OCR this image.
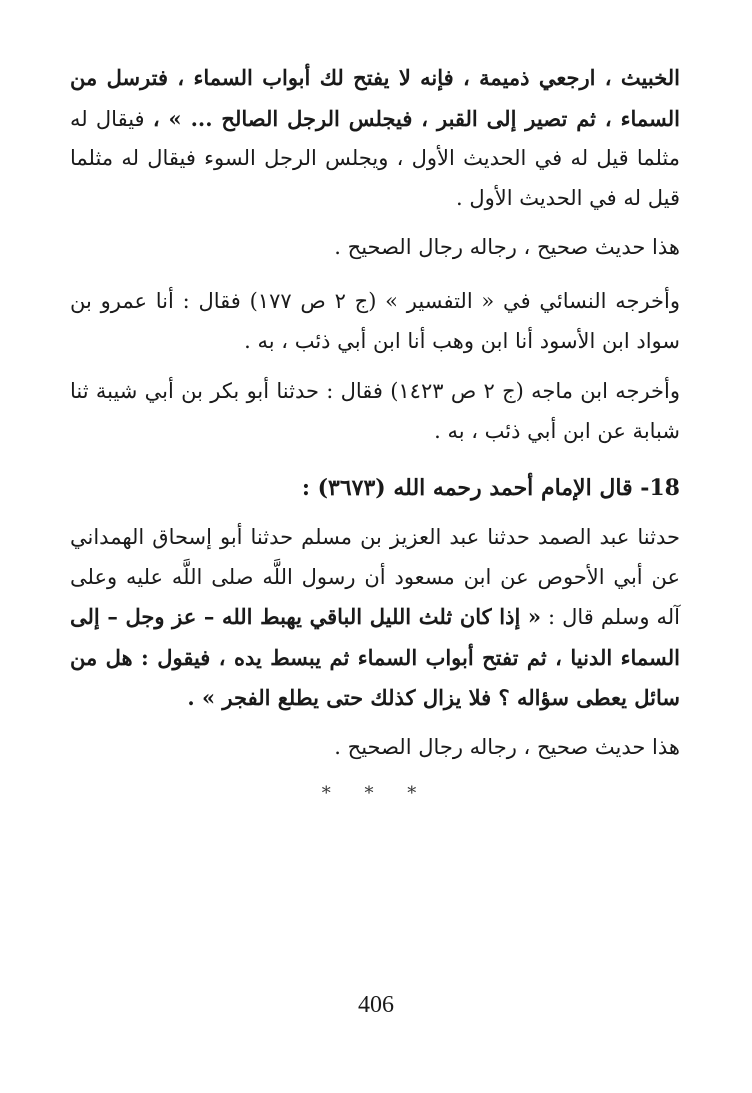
الخبيث ، ارجعي ذميمة ، فإنه لا يفتح لك أبواب السماء ، فترسل من السماء ، ثم تصير إلى القبر ، فيجلس الرجل الصالح ... » ، فيقال له مثلما قيل له في الحديث الأول ، ويجلس الرجل السوء فيقال له مثلما قيل له في الحديث الأول .
هذا حديث صحيح ، رجاله رجال الصحيح .
وأخرجه النسائي في « التفسير » (ج ٢ ص ١٧٧) فقال : أنا عمرو بن سواد ابن الأسود أنا ابن وهب أنا ابن أبي ذئب ، به .
وأخرجه ابن ماجه (ج ٢ ص ١٤٢٣) فقال : حدثنا أبو بكر بن أبي شيبة ثنا شبابة عن ابن أبي ذئب ، به .
18- قال الإمام أحمد رحمه الله (٣٦٧٣) :
حدثنا عبد الصمد حدثنا عبد العزيز بن مسلم حدثنا أبو إسحاق الهمداني عن أبي الأحوص عن ابن مسعود أن رسول اللَّه صلى اللَّه عليه وعلى آله وسلم قال : « إذا كان ثلث الليل الباقي يهبط الله – عز وجل – إلى السماء الدنيا ، ثم تفتح أبواب السماء ثم يبسط يده ، فيقول : هل من سائل يعطى سؤاله ؟ فلا يزال كذلك حتى يطلع الفجر » .
هذا حديث صحيح ، رجاله رجال الصحيح .
* * *
406
